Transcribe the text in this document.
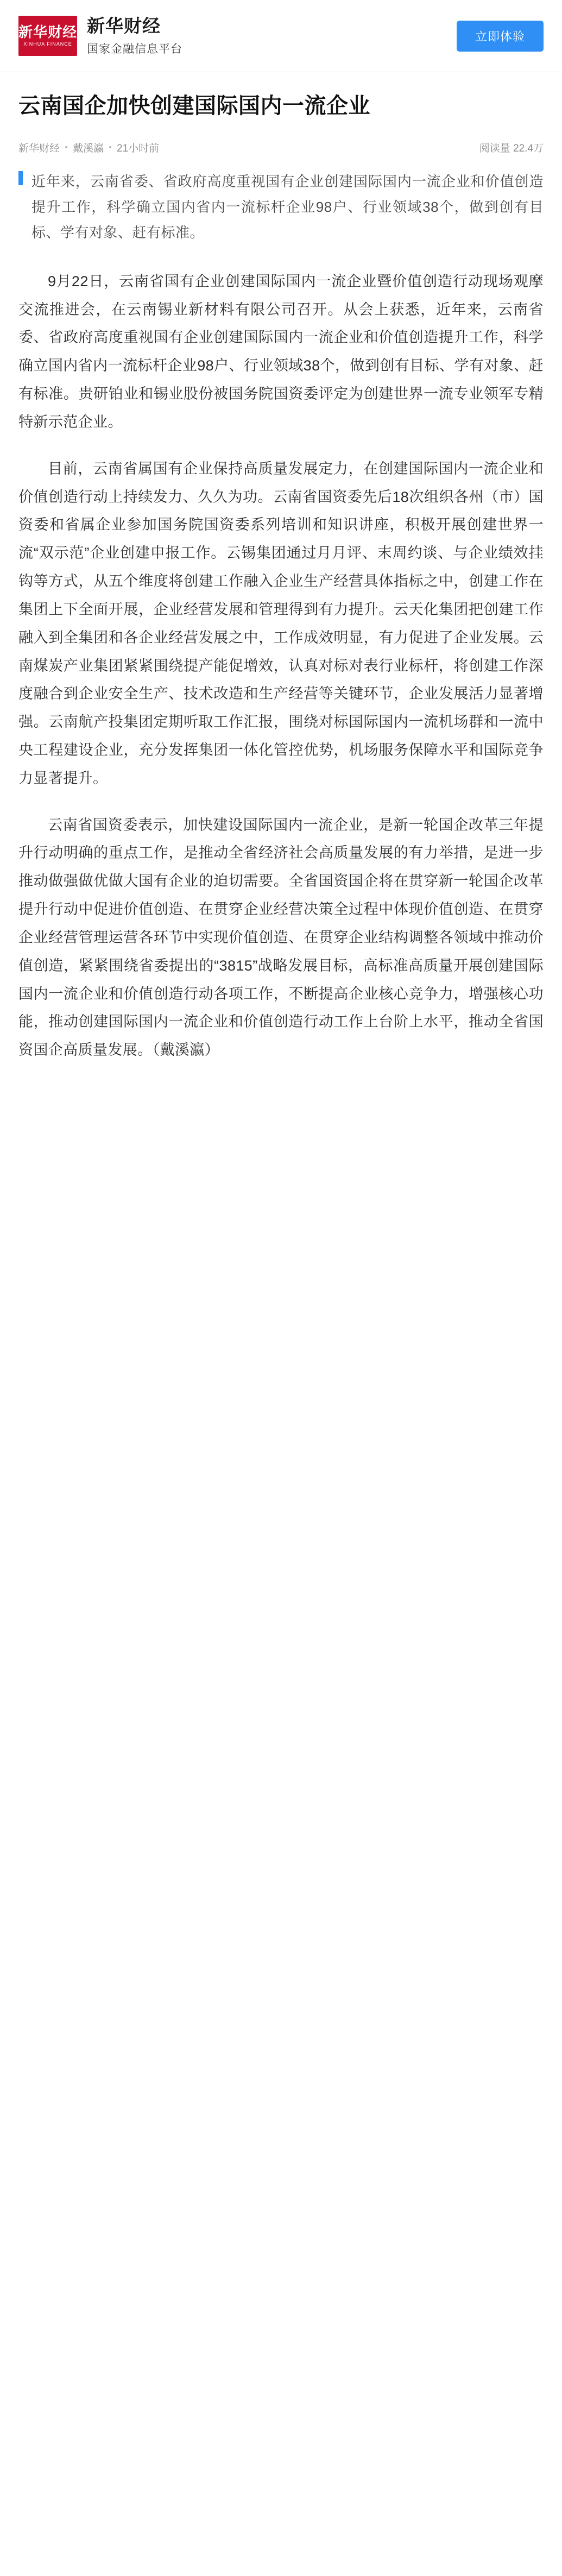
新华财经
XINHUA FINANCE
新华财经
国家金融信息平台
立即体验
云南国企加快创建国际国内一流企业
新华财经 戴溪瀛 21小时前	阅读量 22.4万
近年来，云南省委、省政府高度重视国有企业创建国际国内一流企业和价值创造提升工作，科学确立国内省内一流标杆企业98户、行业领域38个，做到创有目标、学有对象、赶有标准。

9月22日，云南省国有企业创建国际国内一流企业暨价值创造行动现场观摩交流推进会，在云南锡业新材料有限公司召开。从会上获悉，近年来，云南省委、省政府高度重视国有企业创建国际国内一流企业和价值创造提升工作，科学确立国内省内一流标杆企业98户、行业领域38个，做到创有目标、学有对象、赶有标准。贵研铂业和锡业股份被国务院国资委评定为创建世界一流专业领军专精特新示范企业。

目前，云南省属国有企业保持高质量发展定力，在创建国际国内一流企业和价值创造行动上持续发力、久久为功。云南省国资委先后18次组织各州（市）国资委和省属企业参加国务院国资委系列培训和知识讲座，积极开展创建世界一流“双示范”企业创建申报工作。云锡集团通过月月评、末周约谈、与企业绩效挂钩等方式，从五个维度将创建工作融入企业生产经营具体指标之中，创建工作在集团上下全面开展，企业经营发展和管理得到有力提升。云天化集团把创建工作融入到全集团和各企业经营发展之中，工作成效明显，有力促进了企业发展。云南煤炭产业集团紧紧围绕提产能促增效，认真对标对表行业标杆，将创建工作深度融合到企业安全生产、技术改造和生产经营等关键环节，企业发展活力显著增强。云南航产投集团定期听取工作汇报，围绕对标国际国内一流机场群和一流中央工程建设企业，充分发挥集团一体化管控优势，机场服务保障水平和国际竞争力显著提升。

云南省国资委表示，加快建设国际国内一流企业，是新一轮国企改革三年提升行动明确的重点工作，是推动全省经济社会高质量发展的有力举措，是进一步推动做强做优做大国有企业的迫切需要。全省国资国企将在贯穿新一轮国企改革提升行动中促进价值创造、在贯穿企业经营决策全过程中体现价值创造、在贯穿企业经营管理运营各环节中实现价值创造、在贯穿企业结构调整各领域中推动价值创造，紧紧围绕省委提出的“3815”战略发展目标，高标准高质量开展创建国际国内一流企业和价值创造行动各项工作，不断提高企业核心竞争力，增强核心功能，推动创建国际国内一流企业和价值创造行动工作上台阶上水平，推动全省国资国企高质量发展。（戴溪瀛）
